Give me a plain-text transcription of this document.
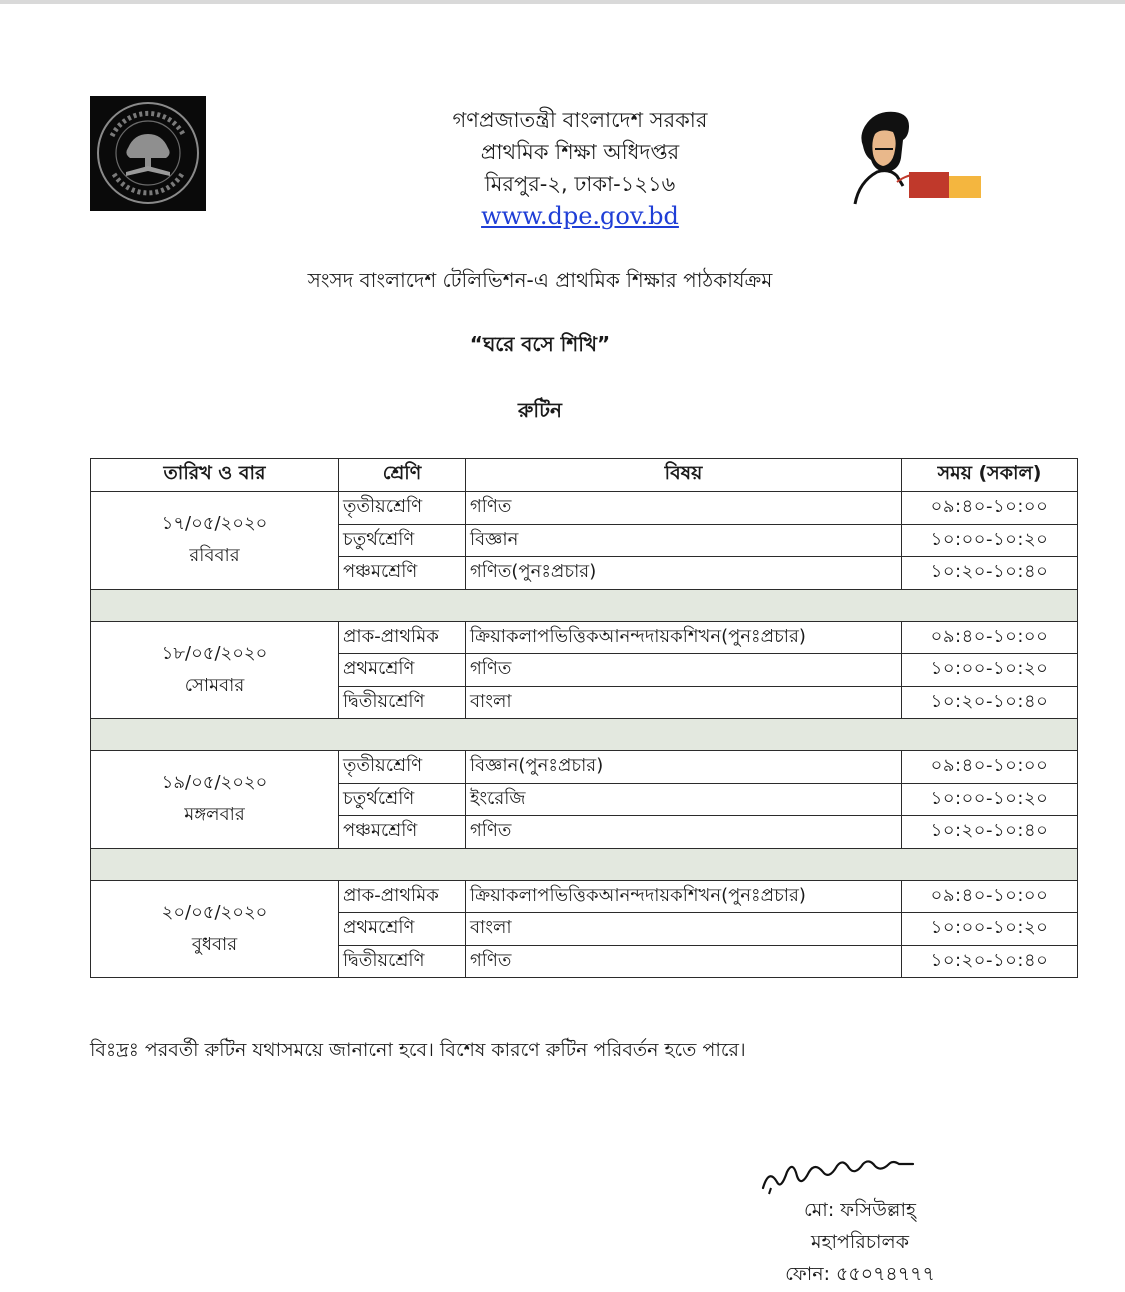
গণপ্রজাতন্ত্রী বাংলাদেশ সরকার
প্রাথমিক শিক্ষা অধিদপ্তর
মিরপুর-২, ঢাকা-১২১৬
www.dpe.gov.bd
সংসদ বাংলাদেশ টেলিভিশন-এ প্রাথমিক শিক্ষার পাঠকার্যক্রম
“ঘরে বসে শিখি”
রুটিন
তারিখ ও বার	শ্রেণি	বিষয়	সময় (সকাল)

১৭/০৫/২০২০
রবিবার	তৃতীয়শ্রেণি	গণিত	০৯:৪০-১০:০০
	চতুর্থশ্রেণি	বিজ্ঞান	১০:০০-১০:২০
	পঞ্চমশ্রেণি	গণিত(পুনঃপ্রচার)	১০:২০-১০:৪০

১৮/০৫/২০২০
সোমবার	প্রাক-প্রাথমিক	ক্রিয়াকলাপভিত্তিকআনন্দদায়কশিখন(পুনঃপ্রচার)	০৯:৪০-১০:০০
	প্রথমশ্রেণি	গণিত	১০:০০-১০:২০
	দ্বিতীয়শ্রেণি	বাংলা	১০:২০-১০:৪০

১৯/০৫/২০২০
মঙ্গলবার	তৃতীয়শ্রেণি	বিজ্ঞান(পুনঃপ্রচার)	০৯:৪০-১০:০০
	চতুর্থশ্রেণি	ইংরেজি	১০:০০-১০:২০
	পঞ্চমশ্রেণি	গণিত	১০:২০-১০:৪০

২০/০৫/২০২০
বুধবার	প্রাক-প্রাথমিক	ক্রিয়াকলাপভিত্তিকআনন্দদায়কশিখন(পুনঃপ্রচার)	০৯:৪০-১০:০০
	প্রথমশ্রেণি	বাংলা	১০:০০-১০:২০
	দ্বিতীয়শ্রেণি	গণিত	১০:২০-১০:৪০
বিঃদ্রঃ পরবর্তী রুটিন যথাসময়ে জানানো হবে। বিশেষ কারণে রুটিন পরিবর্তন হতে পারে।
মো: ফসিউল্লাহ্
মহাপরিচালক
ফোন: ৫৫০৭৪৭৭৭
